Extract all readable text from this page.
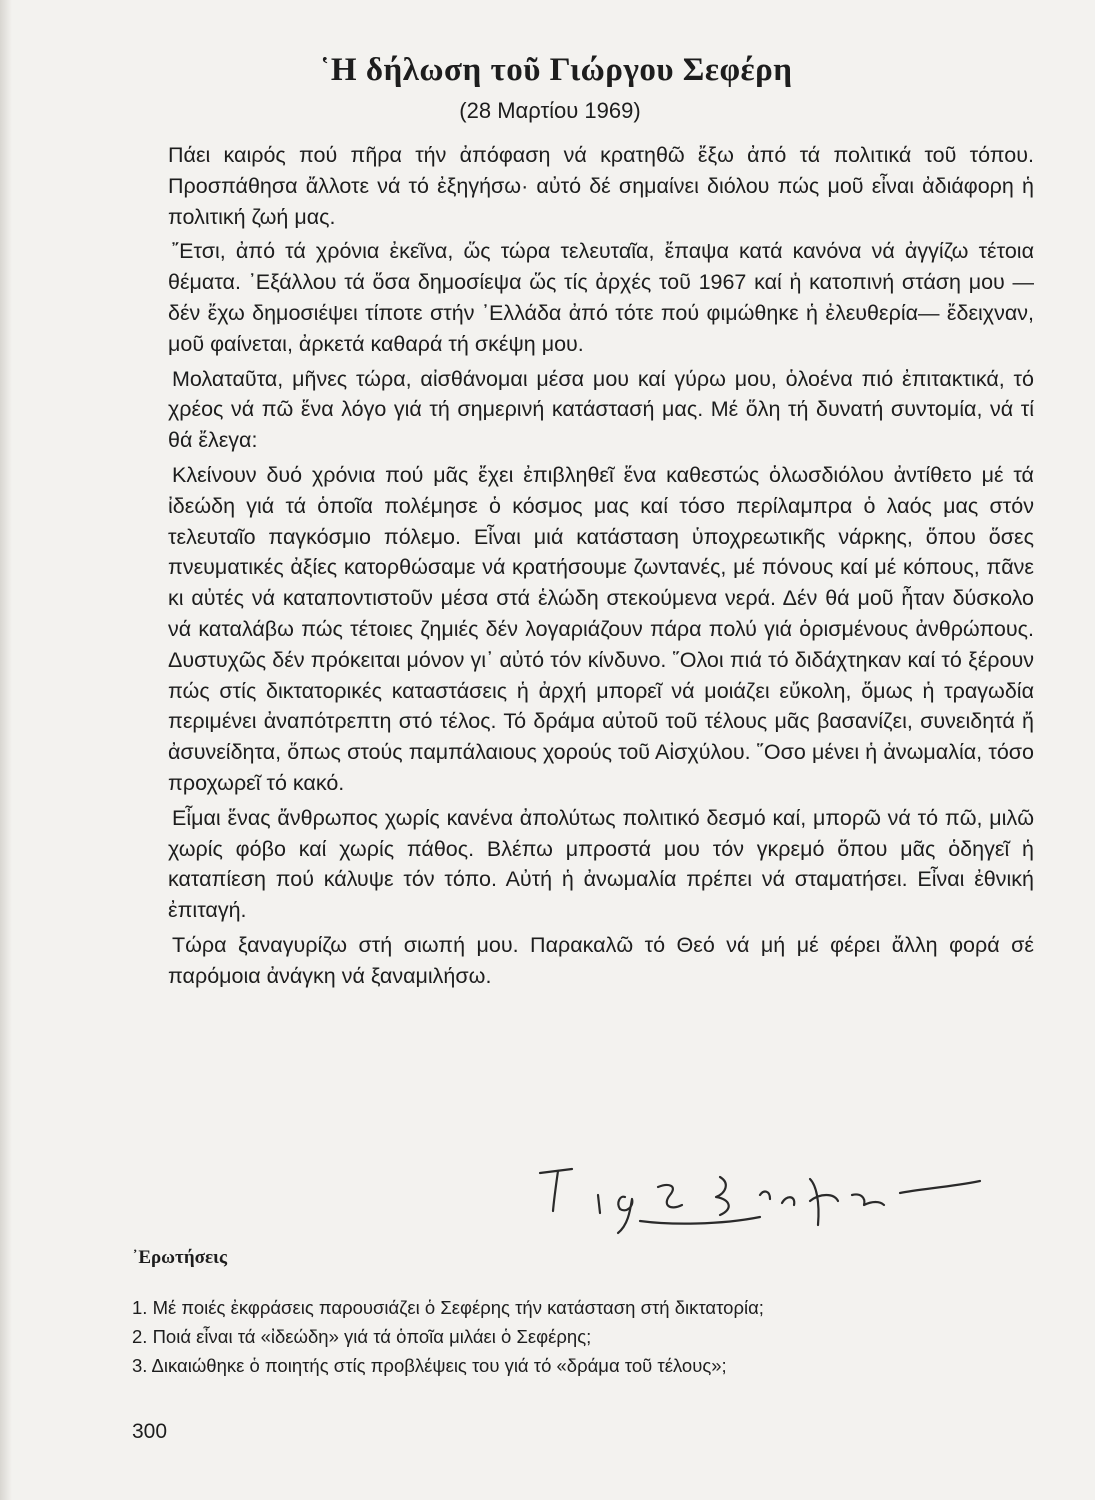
῾Η δήλωση τοῦ Γιώργου Σεφέρη
(28 Μαρτίου 1969)

Πάει καιρός πού πῆρα τήν ἀπόφαση νά κρατηθῶ ἔξω ἀπό τά πολιτικά τοῦ τόπου. Προσπάθησα ἄλλοτε νά τό ἐξηγήσω· αὐτό δέ σημαίνει διόλου πώς μοῦ εἶναι ἀδιάφορη ἡ πολιτική ζωή μας.

῎Ετσι, ἀπό τά χρόνια ἐκεῖνα, ὥς τώρα τελευταῖα, ἔπαψα κατά κανόνα νά ἀγγίζω τέτοια θέματα. ᾿Εξάλλου τά ὅσα δημοσίεψα ὥς τίς ἀρχές τοῦ 1967 καί ἡ κατοπινή στάση μου —δέν ἔχω δημοσιέψει τίποτε στήν ᾿Ελλάδα ἀπό τότε πού φιμώθηκε ἡ ἐλευθερία— ἔδειχναν, μοῦ φαίνεται, ἀρκετά καθαρά τή σκέψη μου.

Μολαταῦτα, μῆνες τώρα, αἰσθάνομαι μέσα μου καί γύρω μου, ὁλοένα πιό ἐπιτακτικά, τό χρέος νά πῶ ἕνα λόγο γιά τή σημερινή κατάστασή μας. Μέ ὅλη τή δυνατή συντομία, νά τί θά ἔλεγα:

Κλείνουν δυό χρόνια πού μᾶς ἔχει ἐπιβληθεῖ ἕνα καθεστώς ὁλωσδιόλου ἀντίθετο μέ τά ἰδεώδη γιά τά ὁποῖα πολέμησε ὁ κόσμος μας καί τόσο περίλαμπρα ὁ λαός μας στόν τελευταῖο παγκόσμιο πόλεμο. Εἶναι μιά κατάσταση ὑποχρεωτικῆς νάρκης, ὅπου ὅσες πνευματικές ἀξίες κατορθώσαμε νά κρατήσουμε ζωντανές, μέ πόνους καί μέ κόπους, πᾶνε κι αὐτές νά καταποντιστοῦν μέσα στά ἑλώδη στεκούμενα νερά. Δέν θά μοῦ ἦταν δύσκολο νά καταλάβω πώς τέτοιες ζημιές δέν λογαριάζουν πάρα πολύ γιά ὁρισμένους ἀνθρώπους. Δυστυχῶς δέν πρόκειται μόνον γι᾿ αὐτό τόν κίνδυνο. ῞Ολοι πιά τό διδάχτηκαν καί τό ξέρουν πώς στίς δικτατορικές καταστάσεις ἡ ἀρχή μπορεῖ νά μοιάζει εὔκολη, ὅμως ἡ τραγωδία περιμένει ἀναπότρεπτη στό τέλος. Τό δράμα αὐτοῦ τοῦ τέλους μᾶς βασανίζει, συνειδητά ἤ ἀσυνείδητα, ὅπως στούς παμπάλαιους χορούς τοῦ Αἰσχύλου. ῞Οσο μένει ἡ ἀνωμαλία, τόσο προχωρεῖ τό κακό.

Εἶμαι ἕνας ἄνθρωπος χωρίς κανένα ἀπολύτως πολιτικό δεσμό καί, μπορῶ νά τό πῶ, μιλῶ χωρίς φόβο καί χωρίς πάθος. Βλέπω μπροστά μου τόν γκρεμό ὅπου μᾶς ὁδηγεῖ ἡ καταπίεση πού κάλυψε τόν τόπο. Αὐτή ἡ ἀνωμαλία πρέπει νά σταματήσει. Εἶναι ἐθνική ἐπιταγή.

Τώρα ξαναγυρίζω στή σιωπή μου. Παρακαλῶ τό Θεό νά μή μέ φέρει ἄλλη φορά σέ παρόμοια ἀνάγκη νά ξαναμιλήσω.

᾿Ερωτήσεις
1. Μέ ποιές ἐκφράσεις παρουσιάζει ὁ Σεφέρης τήν κατάσταση στή δικτατορία;
2. Ποιά εἶναι τά «ἰδεώδη» γιά τά ὁποῖα μιλάει ὁ Σεφέρης;
3. Δικαιώθηκε ὁ ποιητής στίς προβλέψεις του γιά τό «δράμα τοῦ τέλους»;
300
